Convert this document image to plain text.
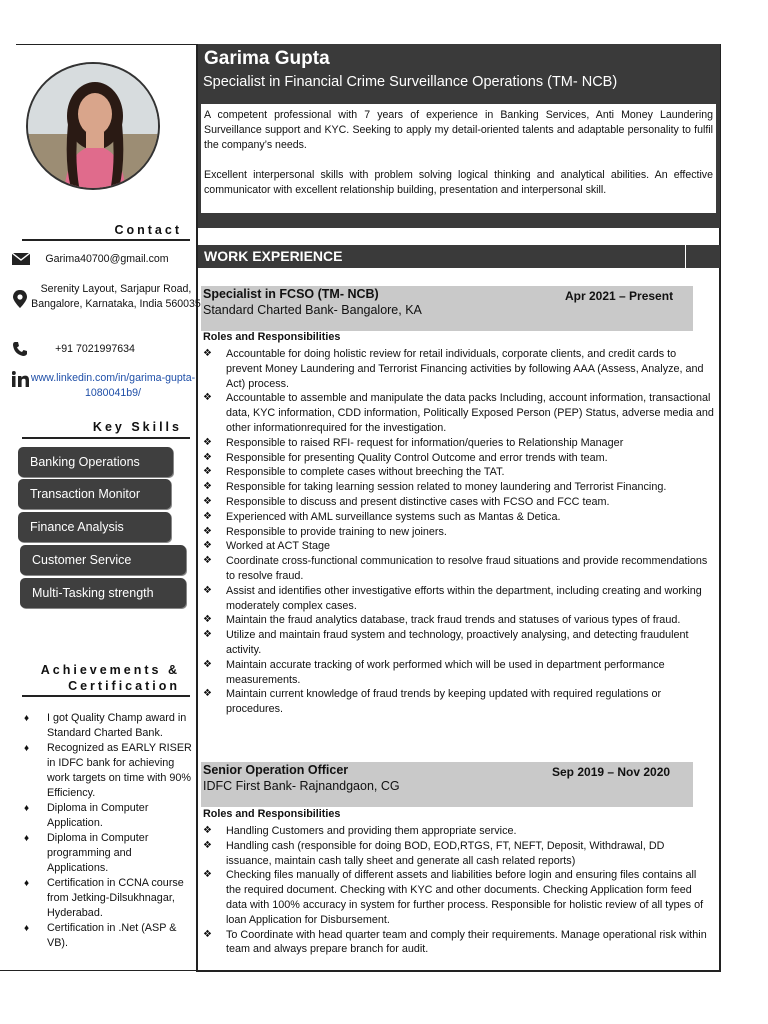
Contact
Garima40700@gmail.com
Serenity Layout, Sarjapur Road, Bangalore, Karnataka, India 560035
+91 7021997634
www.linkedin.com/in/garima-gupta- 1080041b9/
Key Skills
Banking Operations
Transaction Monitor
Finance Analysis
Customer Service
Multi-Tasking strength
Achievements &
Certification
♦ I got Quality Champ award in Standard Charted Bank.
♦ Recognized as EARLY RISER in IDFC bank for achieving work targets on time with 90% Efficiency.
♦ Diploma in Computer Application.
♦ Diploma in Computer programming and Applications.
♦ Certification in CCNA course from Jetking-Dilsukhnagar, Hyderabad.
♦ Certification in .Net (ASP & VB).
Garima Gupta
Specialist in Financial Crime Surveillance Operations (TM- NCB)

A competent professional with 7 years of experience in Banking Services, Anti Money Laundering Surveillance support and KYC. Seeking to apply my detail-oriented talents and adaptable personality to fulfil the company’s needs.

Excellent interpersonal skills with problem solving logical thinking and analytical abilities. An effective communicator with excellent relationship building, presentation and interpersonal skill.

WORK EXPERIENCE
Specialist in FCSO (TM- NCB)	Apr 2021 – Present
Standard Charted Bank- Bangalore, KA
Roles and Responsibilities
❖ Accountable for doing holistic review for retail individuals, corporate clients, and credit cards to prevent Money Laundering and Terrorist Financing activities by following AAA (Assess, Analyze, and Act) process.
❖ Accountable to assemble and manipulate the data packs Including, account information, transactional data, KYC information, CDD information, Politically Exposed Person (PEP) Status, adverse media and other informationrequired for the investigation.
❖ Responsible to raised RFI- request for information/queries to Relationship Manager
❖ Responsible for presenting Quality Control Outcome and error trends with team.
❖ Responsible to complete cases without breeching the TAT.
❖ Responsible for taking learning session related to money laundering and Terrorist Financing.
❖ Responsible to discuss and present distinctive cases with FCSO and FCC team.
❖ Experienced with AML surveillance systems such as Mantas & Detica.
❖ Responsible to provide training to new joiners.
❖ Worked at ACT Stage
❖ Coordinate cross-functional communication to resolve fraud situations and provide recommendations to resolve fraud.
❖ Assist and identifies other investigative efforts within the department, including creating and working moderately complex cases.
❖ Maintain the fraud analytics database, track fraud trends and statuses of various types of fraud.
❖ Utilize and maintain fraud system and technology, proactively analysing, and detecting fraudulent activity.
❖ Maintain accurate tracking of work performed which will be used in department performance measurements.
❖ Maintain current knowledge of fraud trends by keeping updated with required regulations or procedures.
Senior Operation Officer	Sep 2019 – Nov 2020
IDFC First Bank- Rajnandgaon, CG
Roles and Responsibilities
❖ Handling Customers and providing them appropriate service.
❖ Handling cash (responsible for doing BOD, EOD,RTGS, FT, NEFT, Deposit, Withdrawal, DD issuance, maintain cash tally sheet and generate all cash related reports)
❖ Checking files manually of different assets and liabilities before login and ensuring files contains all the required document. Checking with KYC and other documents. Checking Application form feed data with 100% accuracy in system for further process. Responsible for holistic review of all types of loan Application for Disbursement.
❖ To Coordinate with head quarter team and comply their requirements. Manage operational risk within team and always prepare branch for audit.
